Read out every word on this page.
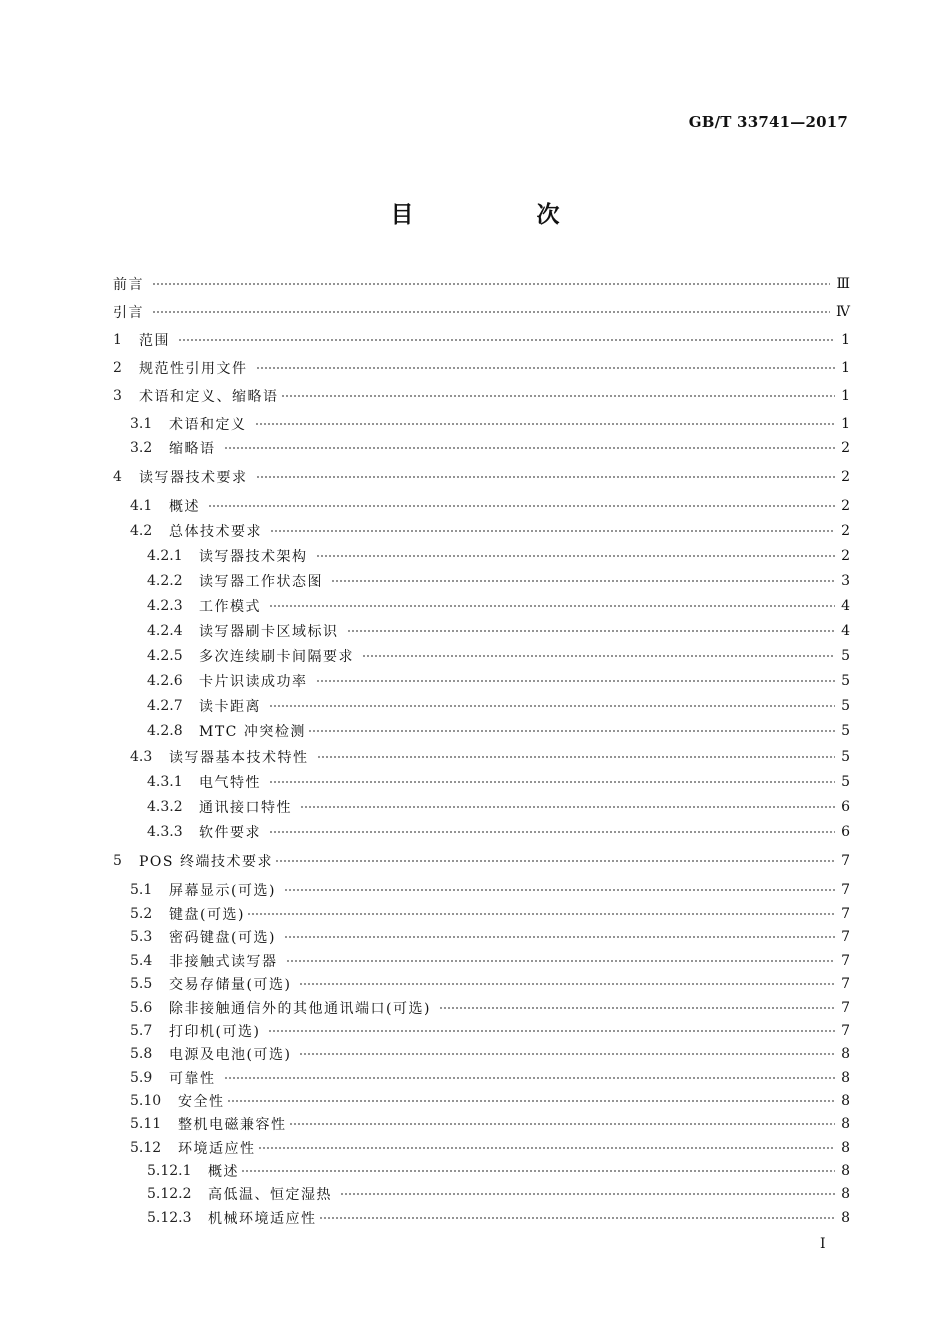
GB/T 33741—2017
目　次
前言	Ⅲ
引言	Ⅳ
1	范围	1
2	规范性引用文件	1
3	术语和定义、缩略语	1
3.1	术语和定义	1
3.2	缩略语	2
4	读写器技术要求	2
4.1	概述	2
4.2	总体技术要求	2
4.2.1	读写器技术架构	2
4.2.2	读写器工作状态图	3
4.2.3	工作模式	4
4.2.4	读写器刷卡区域标识	4
4.2.5	多次连续刷卡间隔要求	5
4.2.6	卡片识读成功率	5
4.2.7	读卡距离	5
4.2.8	MTC 冲突检测	5
4.3	读写器基本技术特性	5
4.3.1	电气特性	5
4.3.2	通讯接口特性	6
4.3.3	软件要求	6
5	POS 终端技术要求	7
5.1	屏幕显示(可选)	7
5.2	键盘(可选)	7
5.3	密码键盘(可选)	7
5.4	非接触式读写器	7
5.5	交易存储量(可选)	7
5.6	除非接触通信外的其他通讯端口(可选)	7
5.7	打印机(可选)	7
5.8	电源及电池(可选)	8
5.9	可靠性	8
5.10	安全性	8
5.11	整机电磁兼容性	8
5.12	环境适应性	8
5.12.1	概述	8
5.12.2	高低温、恒定湿热	8
5.12.3	机械环境适应性	8
Ⅰ
